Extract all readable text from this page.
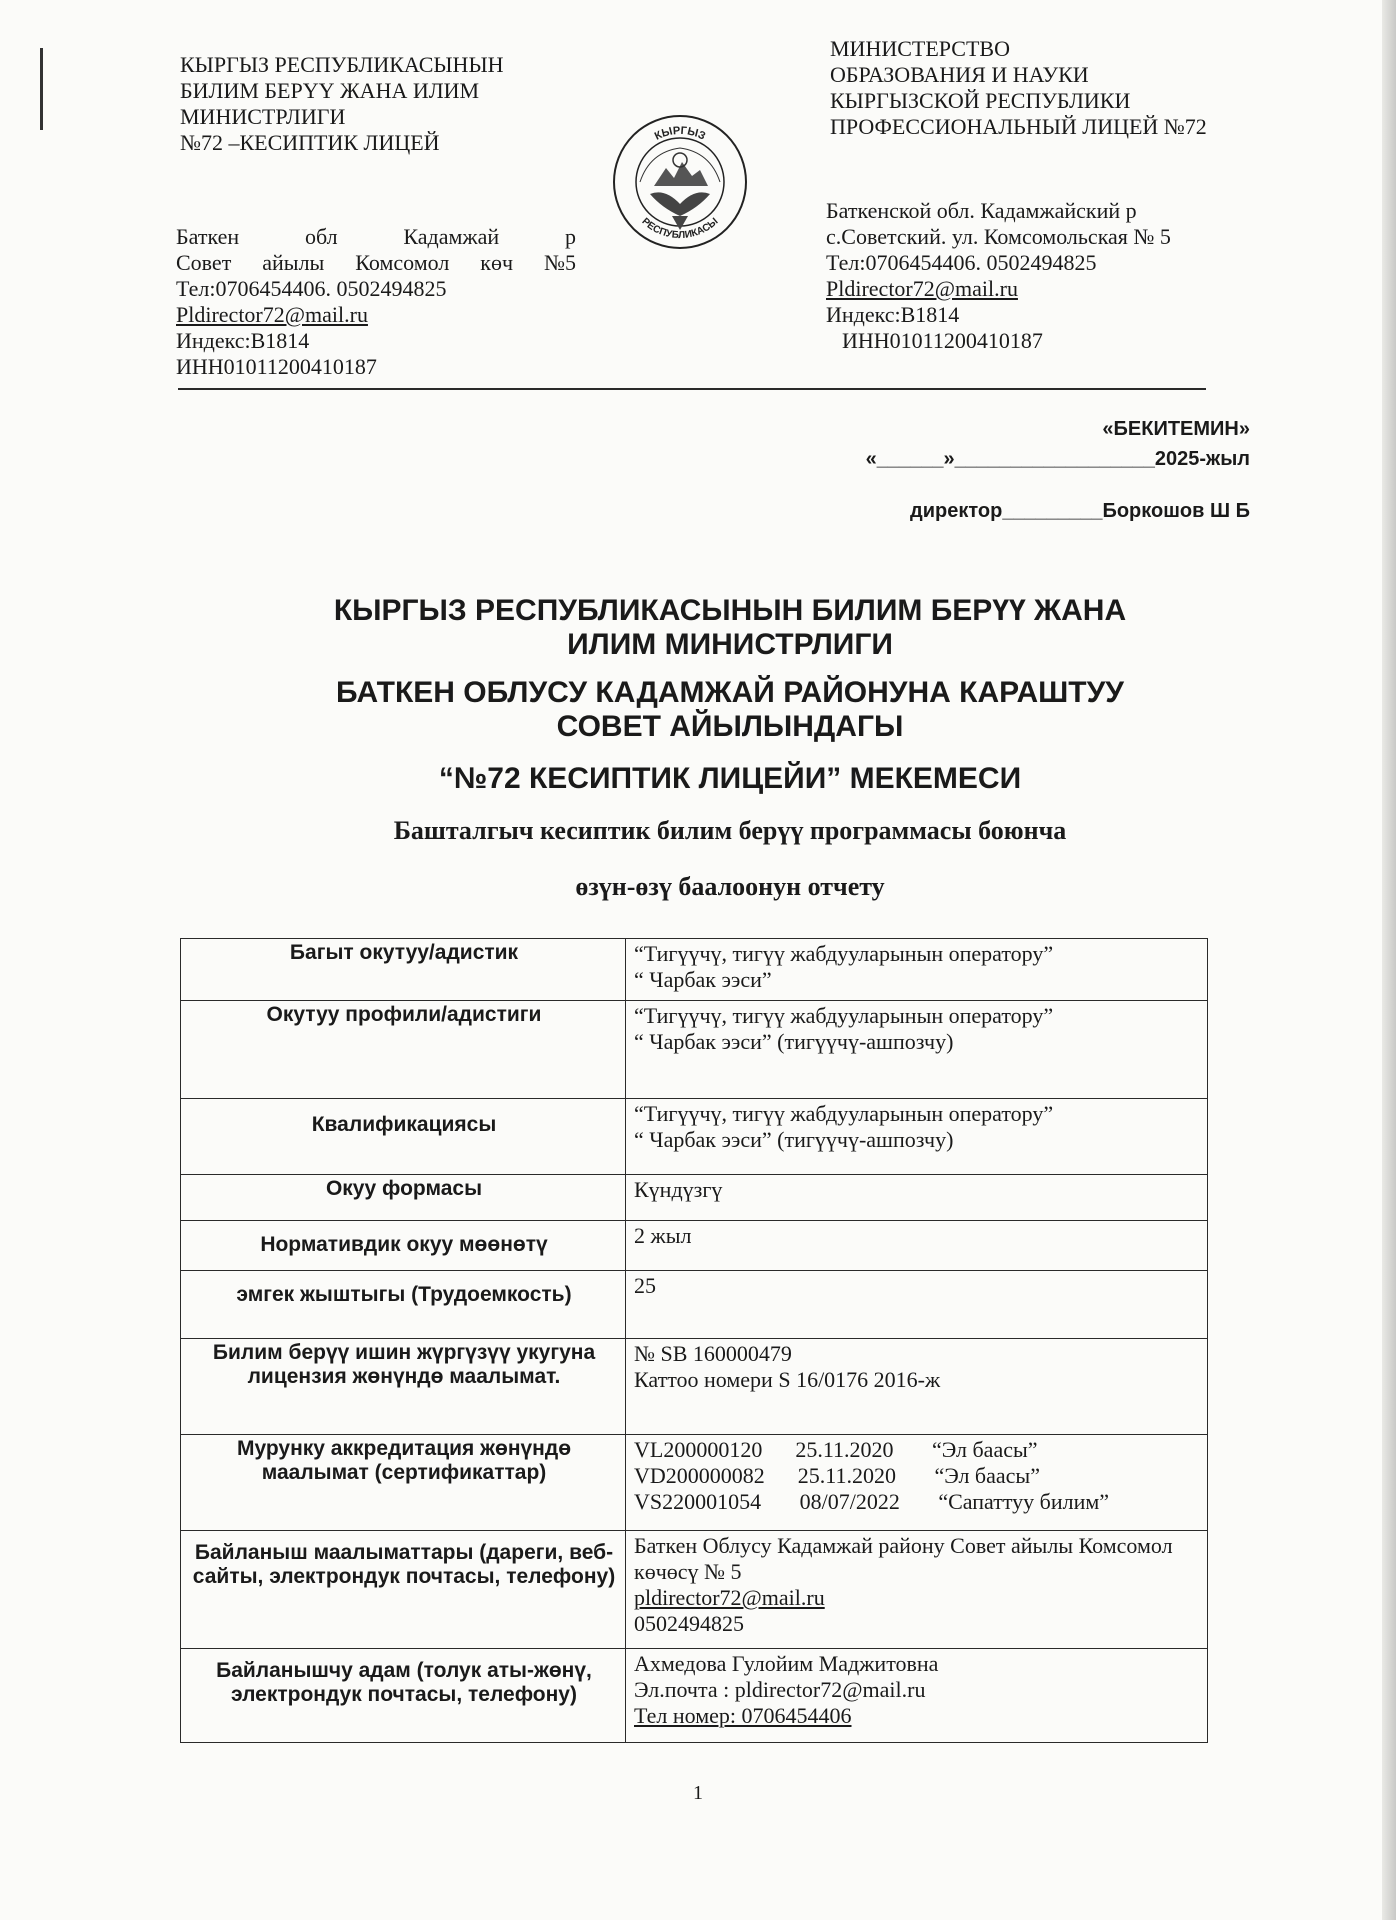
КЫРГЫЗ РЕСПУБЛИКАСЫНЫН
БИЛИМ БЕРҮҮ ЖАНА ИЛИМ
МИНИСТРЛИГИ
№72 –КЕСИПТИК ЛИЦЕЙ
Баткен	обл	Кадамжай	р
Совет айылы Комсомол көч №5
Тел:0706454406. 0502494825
Pldirector72@mail.ru
Индекс:B1814
ИНН01011200410187
КЫРГЫЗ
РЕСПУБЛИКАСЫ
МИНИСТЕРСТВО
ОБРАЗОВАНИЯ И НАУКИ
КЫРГЫЗСКОЙ РЕСПУБЛИКИ
ПРОФЕССИОНАЛЬНЫЙ ЛИЦЕЙ №72
Баткенской обл. Кадамжайский р
с.Советский. ул. Комсомольская № 5
Тел:0706454406. 0502494825
Pldirector72@mail.ru
Индекс:B1814
ИНН01011200410187
«БЕКИТЕМИН»
«______»__________________2025-жыл
директор_________Боркошов Ш Б
КЫРГЫЗ РЕСПУБЛИКАСЫНЫН БИЛИМ БЕРҮҮ ЖАНА
ИЛИМ МИНИСТРЛИГИ
БАТКЕН ОБЛУСУ КАДАМЖАЙ РАЙОНУНА КАРАШТУУ
СОВЕТ АЙЫЛЫНДАГЫ
“№72 КЕСИПТИК ЛИЦЕЙИ” МЕКЕМЕСИ
Башталгыч кесиптик билим берүү программасы боюнча
өзүн-өзү баалоонун отчету
Багыт окутуу/адистик	“Тигүүчү, тигүү жабдууларынын оператору”
“ Чарбак ээси”

Окутуу профили/адистиги	“Тигүүчү, тигүү жабдууларынын оператору”
“ Чарбак ээси” (тигүүчү-ашпозчу)

Квалификациясы	“Тигүүчү, тигүү жабдууларынын оператору”
“ Чарбак ээси” (тигүүчү-ашпозчу)

Окуу формасы	Күндүзгү

Нормативдик окуу мөөнөтү	2 жыл

эмгек жыштыгы (Трудоемкость)	25

Билим берүү ишин жүргүзүү укугуна лицензия жөнүндө маалымат.	№ SB 160000479
Каттоо номери S 16/0176 2016-ж

Мурунку аккредитация жөнүндө маалымат (сертификаттар)	VL200000120      25.11.2020       “Эл баасы”
VD200000082      25.11.2020       “Эл баасы”
VS220001054       08/07/2022       “Сапаттуу билим”

Байланыш маалыматтары (дареги, веб-сайты, электрондук почтасы, телефону)	Баткен Облусу Кадамжай району Совет айылы Комсомол
көчөсү № 5
pldirector72@mail.ru
0502494825

Байланышчу адам (толук аты-жөнү, электрондук почтасы, телефону)	Ахмедова Гулойим Маджитовна
Эл.почта : pldirector72@mail.ru
Тел номер: 0706454406
1
